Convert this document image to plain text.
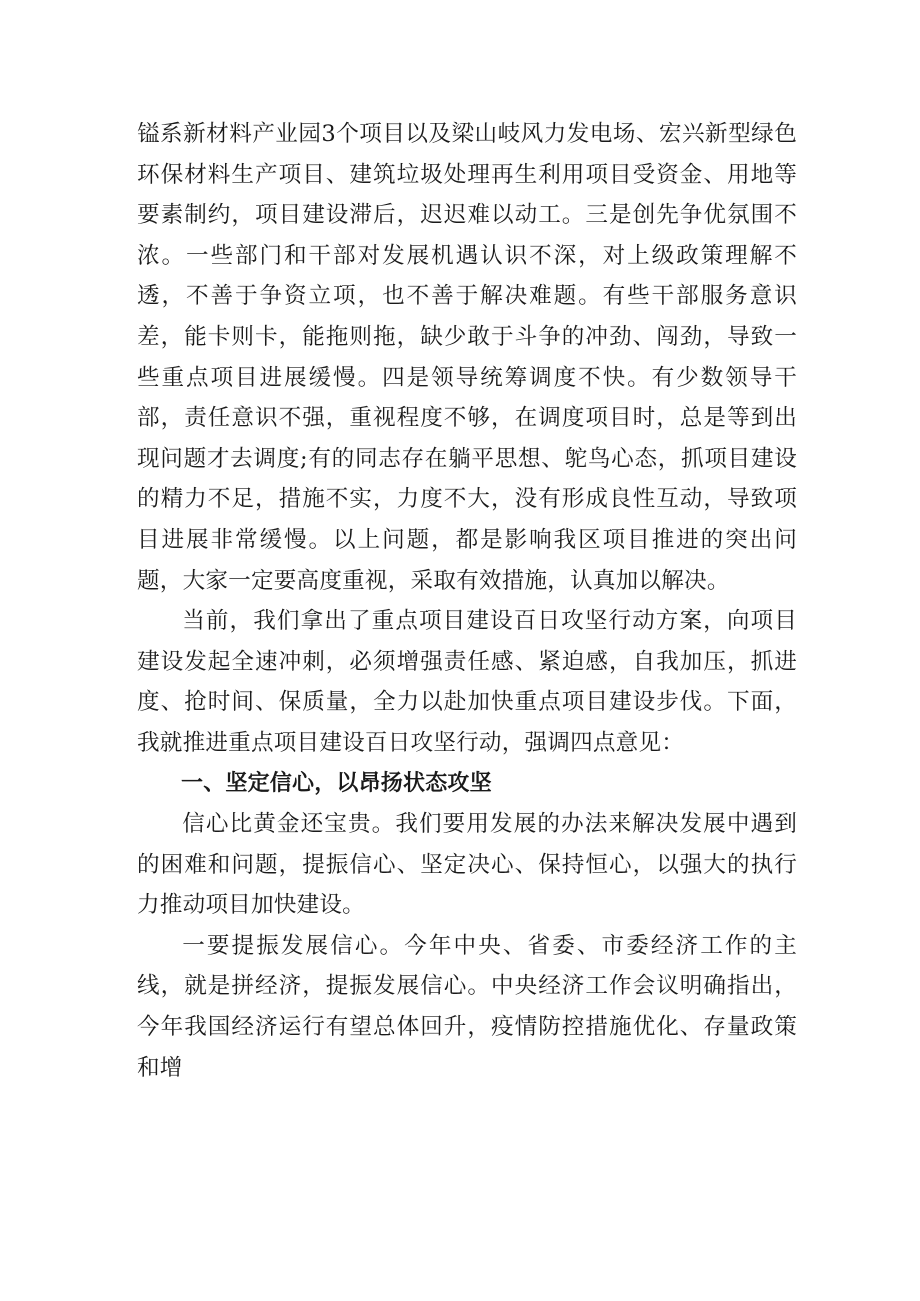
镒系新材料产业园3个项目以及梁山岐风力发电场、宏兴新型绿色环保材料生产项目、建筑垃圾处理再生利用项目受资金、用地等要素制约，项目建设滞后，迟迟难以动工。三是创先争优氛围不浓。一些部门和干部对发展机遇认识不深，对上级政策理解不透，不善于争资立项，也不善于解决难题。有些干部服务意识差，能卡则卡，能拖则拖，缺少敢于斗争的冲劲、闯劲，导致一些重点项目进展缓慢。四是领导统筹调度不快。有少数领导干部，责任意识不强，重视程度不够，在调度项目时，总是等到出现问题才去调度;有的同志存在躺平思想、鸵鸟心态，抓项目建设的精力不足，措施不实，力度不大，没有形成良性互动，导致项目进展非常缓慢。以上问题，都是影响我区项目推进的突出问题，大家一定要高度重视，采取有效措施，认真加以解决。

当前，我们拿出了重点项目建设百日攻坚行动方案，向项目建设发起全速冲刺，必须增强责任感、紧迫感，自我加压，抓进度、抢时间、保质量，全力以赴加快重点项目建设步伐。下面，我就推进重点项目建设百日攻坚行动，强调四点意见：

一、坚定信心，以昂扬状态攻坚

信心比黄金还宝贵。我们要用发展的办法来解决发展中遇到的困难和问题，提振信心、坚定决心、保持恒心，以强大的执行力推动项目加快建设。

一要提振发展信心。今年中央、省委、市委经济工作的主线，就是拼经济，提振发展信心。中央经济工作会议明确指出，今年我国经济运行有望总体回升，疫情防控措施优化、存量政策和增
